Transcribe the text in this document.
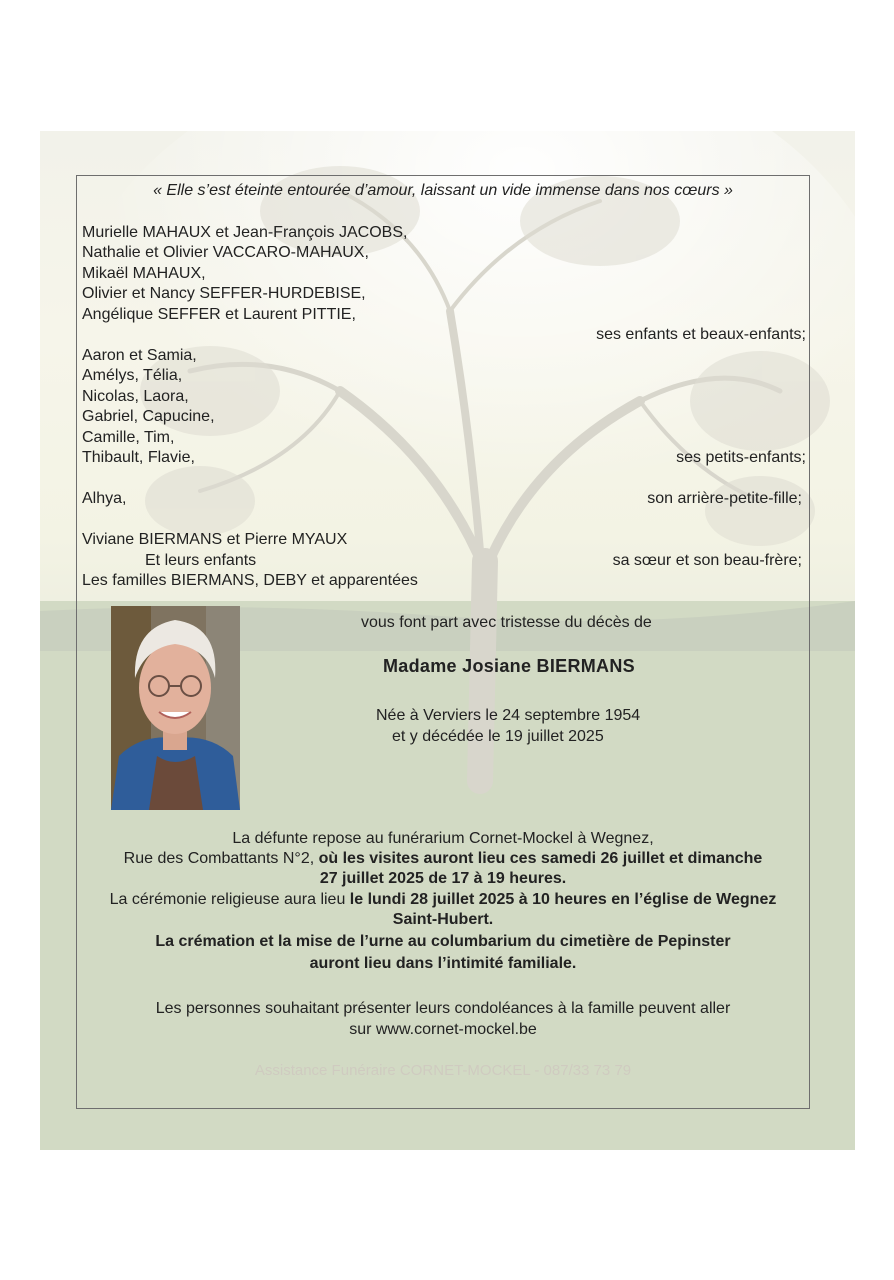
« Elle s’est éteinte entourée d’amour, laissant un vide immense dans nos cœurs »
Murielle MAHAUX et Jean-François JACOBS,
Nathalie et Olivier VACCARO-MAHAUX,
Mikaël MAHAUX,
Olivier et Nancy SEFFER-HURDEBISE,
Angélique SEFFER et Laurent PITTIE,
ses enfants et beaux-enfants;
Aaron et Samia,
Amélys, Télia,
Nicolas, Laora,
Gabriel, Capucine,
Camille, Tim,
Thibault, Flavie,	ses petits-enfants;
Alhya,	son arrière-petite-fille;
Viviane BIERMANS et Pierre MYAUX
Et leurs enfants	sa sœur et son beau-frère;
Les familles BIERMANS, DEBY et apparentées
vous font part avec tristesse du décès de
Madame Josiane BIERMANS
Née à Verviers le 24 septembre 1954
et y décédée le 19 juillet 2025
La défunte repose au funérarium Cornet-Mockel à Wegnez,
Rue des Combattants N°2, où les visites auront lieu ces samedi 26 juillet et dimanche
27 juillet 2025 de 17 à 19 heures.
La cérémonie religieuse aura lieu le lundi 28 juillet 2025 à 10 heures en l’église de Wegnez
Saint-Hubert.
La crémation et la mise de l’urne au columbarium du cimetière de Pepinster
auront lieu dans l’intimité familiale.
Les personnes souhaitant présenter leurs condoléances à la famille peuvent aller
sur www.cornet-mockel.be
Assistance Funéraire CORNET-MOCKEL - 087/33 73 79
